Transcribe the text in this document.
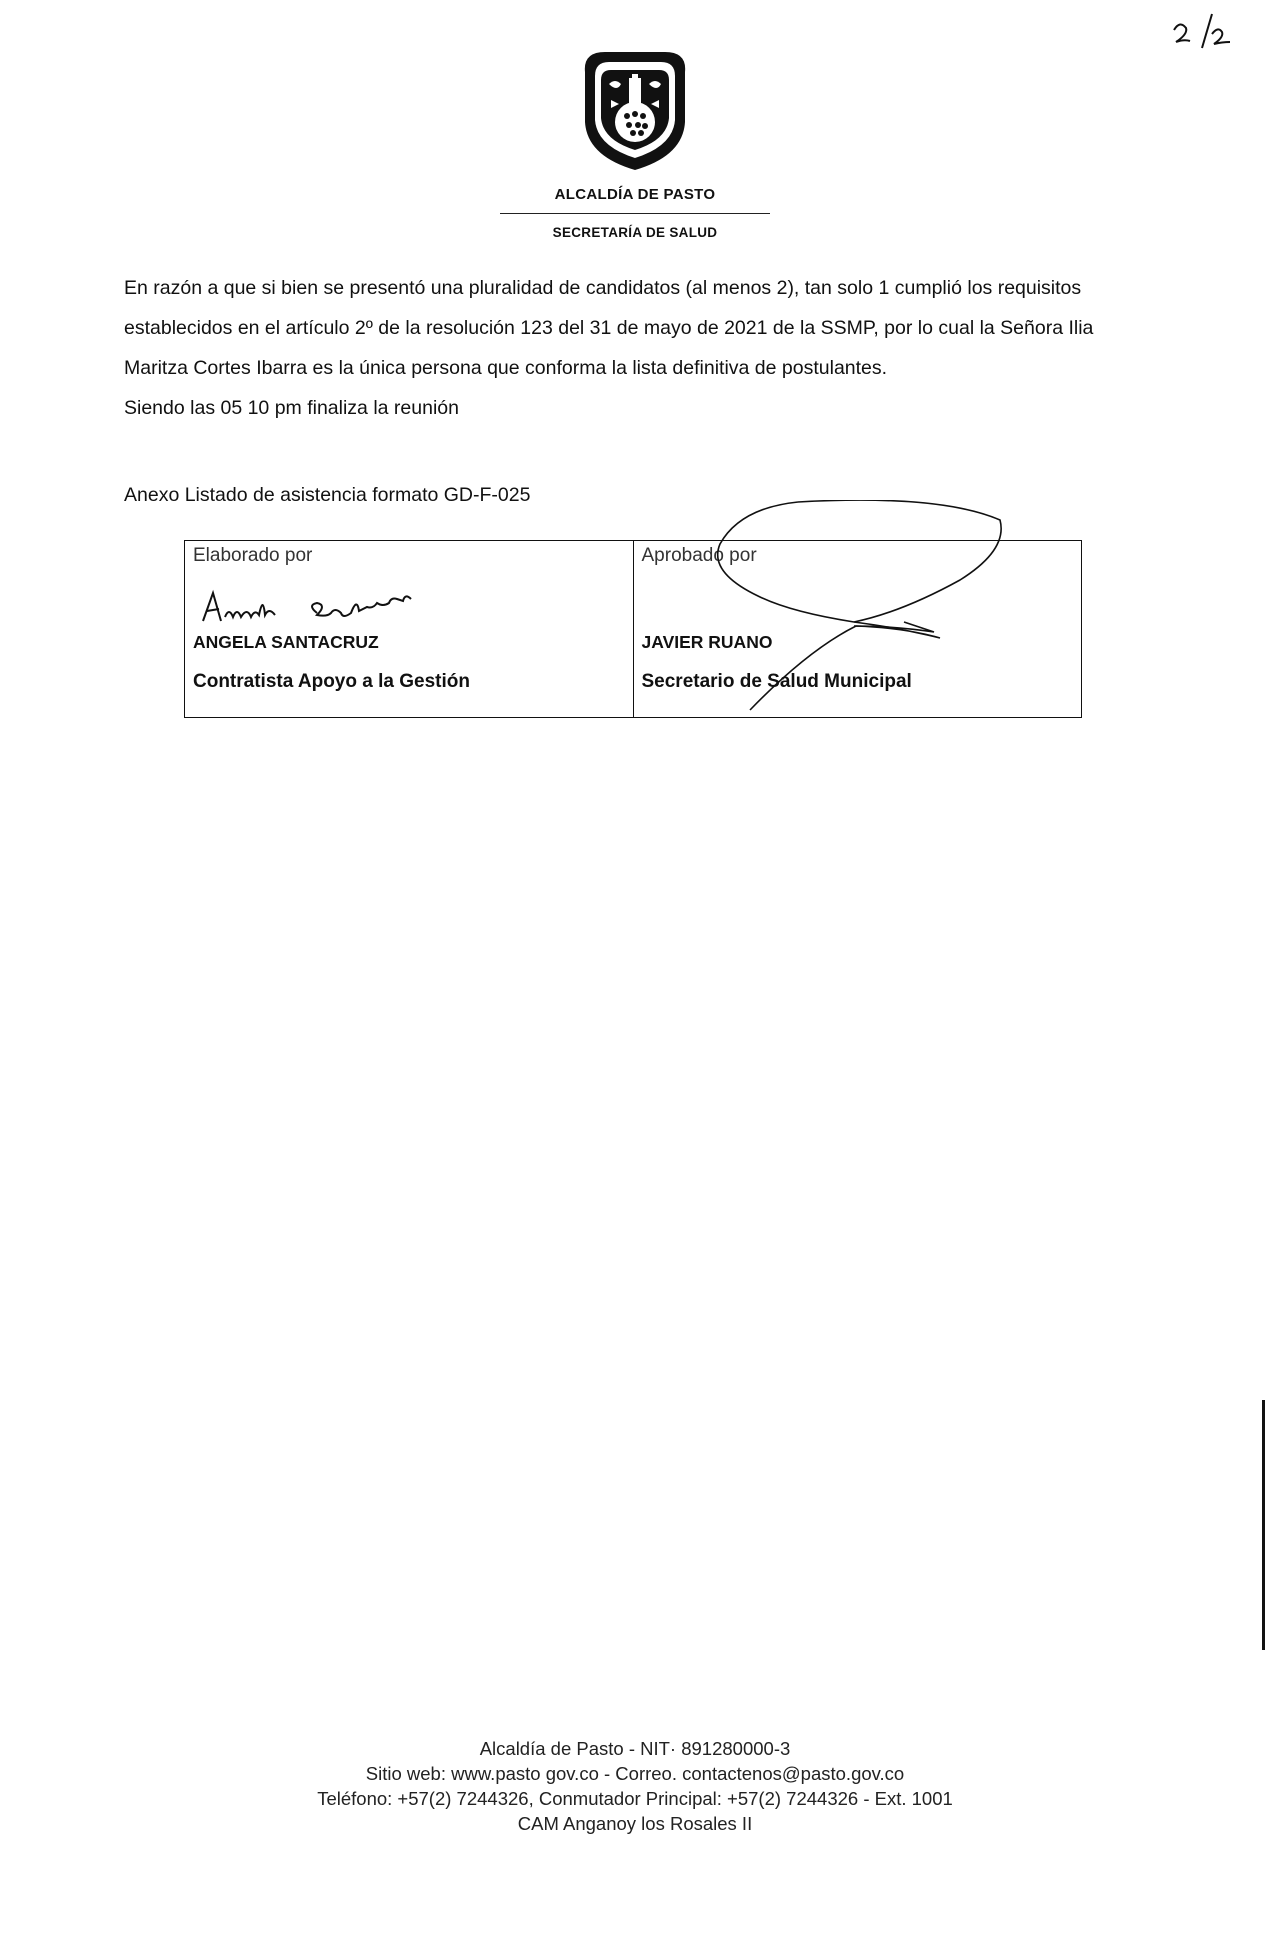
ALCALDÍA DE PASTO
SECRETARÍA DE SALUD

En razón a que si bien se presentó una pluralidad de candidatos (al menos 2), tan solo 1 cumplió los requisitos

establecidos en el artículo 2º de la resolución 123 del 31 de mayo de 2021 de la SSMP, por lo cual la Señora Ilia

Maritza Cortes Ibarra es la única persona que conforma la lista definitiva de postulantes.

Siendo las 05 10 pm finaliza la reunión

Anexo Listado de asistencia formato GD-F-025
Elaborado por
ANGELA SANTACRUZ
Contratista Apoyo a la Gestión
Aprobado por
JAVIER RUANO
Secretario de Salud Municipal
Alcaldía de Pasto - NIT· 891280000-3
Sitio web: www.pasto gov.co - Correo. contactenos@pasto.gov.co
Teléfono: +57(2) 7244326, Conmutador Principal: +57(2) 7244326 - Ext. 1001
CAM Anganoy los Rosales II
